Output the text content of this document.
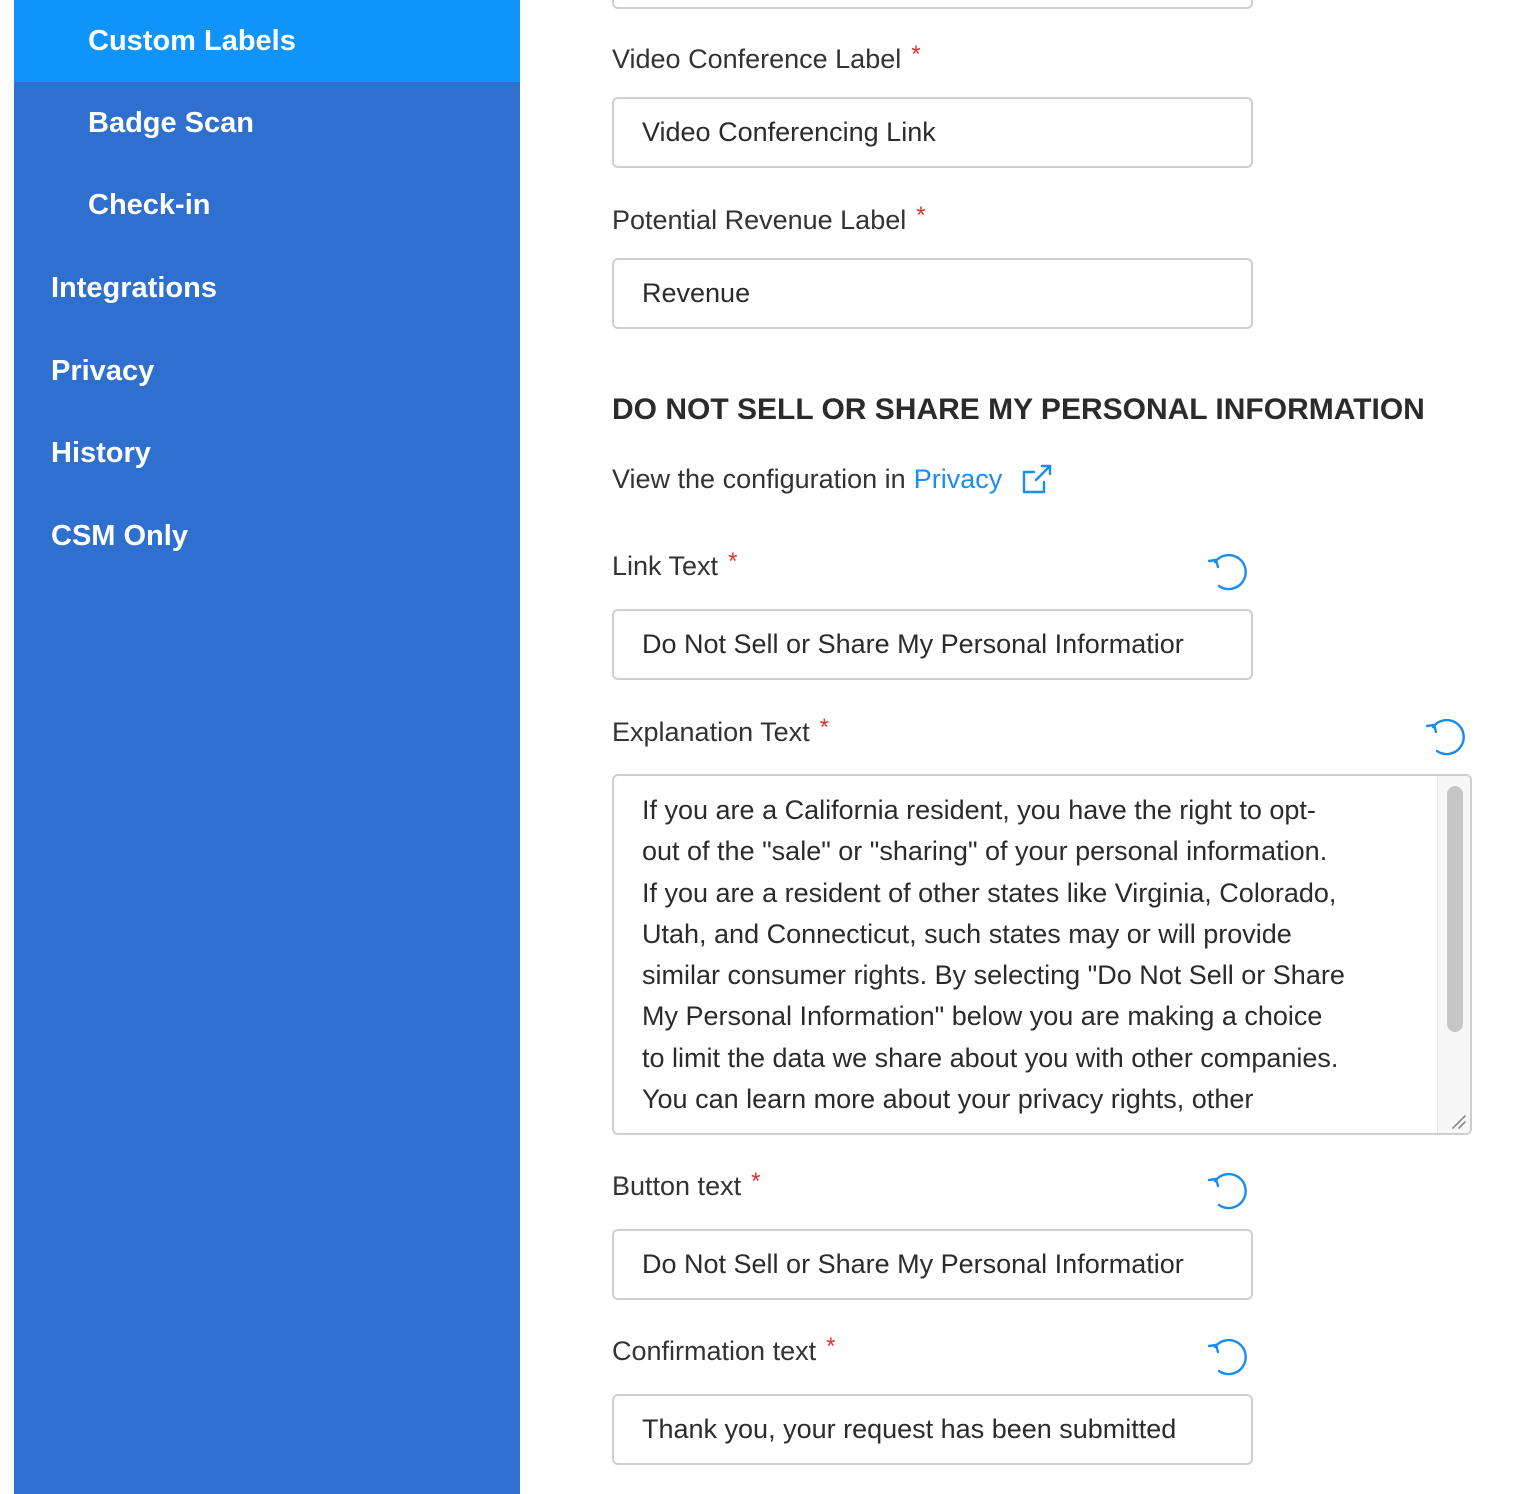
Custom Labels
Badge Scan
Check-in
Integrations
Privacy
History
CSM Only
Video Conference Label *
Video Conferencing Link
Potential Revenue Label *
Revenue
DO NOT SELL OR SHARE MY PERSONAL INFORMATION
View the configuration in Privacy
Link Text *
Do Not Sell or Share My Personal Informatior
Explanation Text *
If you are a California resident, you have the right to opt-
out of the "sale" or "sharing" of your personal information.
If you are a resident of other states like Virginia, Colorado,
Utah, and Connecticut, such states may or will provide
similar consumer rights. By selecting "Do Not Sell or Share
My Personal Information" below you are making a choice
to limit the data we share about you with other companies.
You can learn more about your privacy rights, other
Button text *
Do Not Sell or Share My Personal Informatior
Confirmation text *
Thank you, your request has been submitted
